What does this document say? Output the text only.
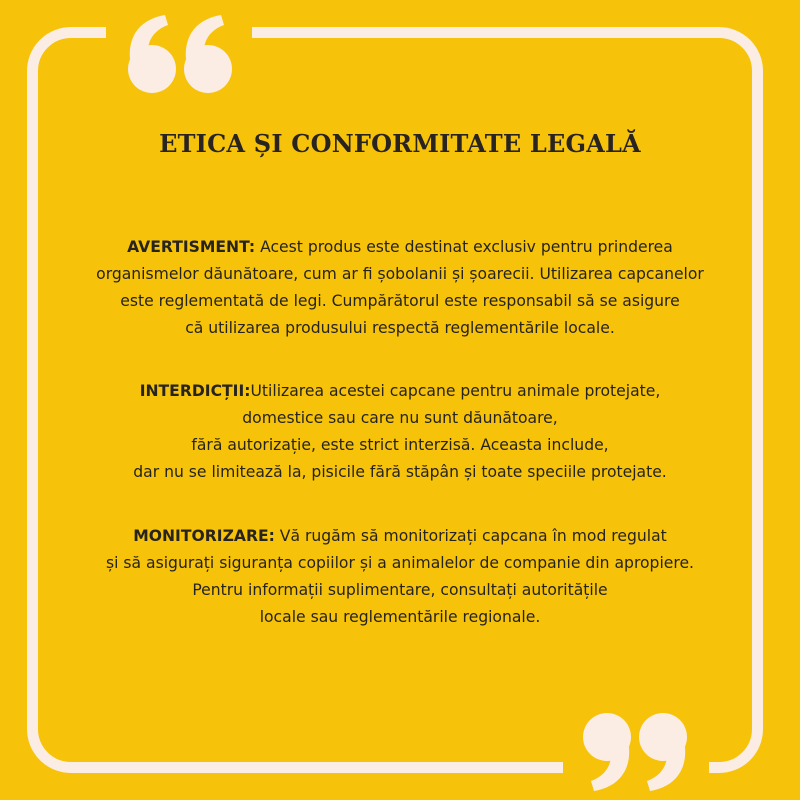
ETICA ȘI CONFORMITATE LEGALĂ
AVERTISMENT: Acest produs este destinat exclusiv pentru prinderea
organismelor dăunătoare, cum ar fi șobolanii și șoarecii. Utilizarea capcanelor
este reglementată de legi. Cumpărătorul este responsabil să se asigure
că utilizarea produsului respectă reglementările locale.
INTERDICȚII:Utilizarea acestei capcane pentru animale protejate,
domestice sau care nu sunt dăunătoare,
fără autorizație, este strict interzisă. Aceasta include,
dar nu se limitează la, pisicile fără stăpân și toate speciile protejate.
MONITORIZARE: Vă rugăm să monitorizați capcana în mod regulat
și să asigurați siguranța copiilor și a animalelor de companie din apropiere.
Pentru informații suplimentare, consultați autoritățile
locale sau reglementările regionale.
